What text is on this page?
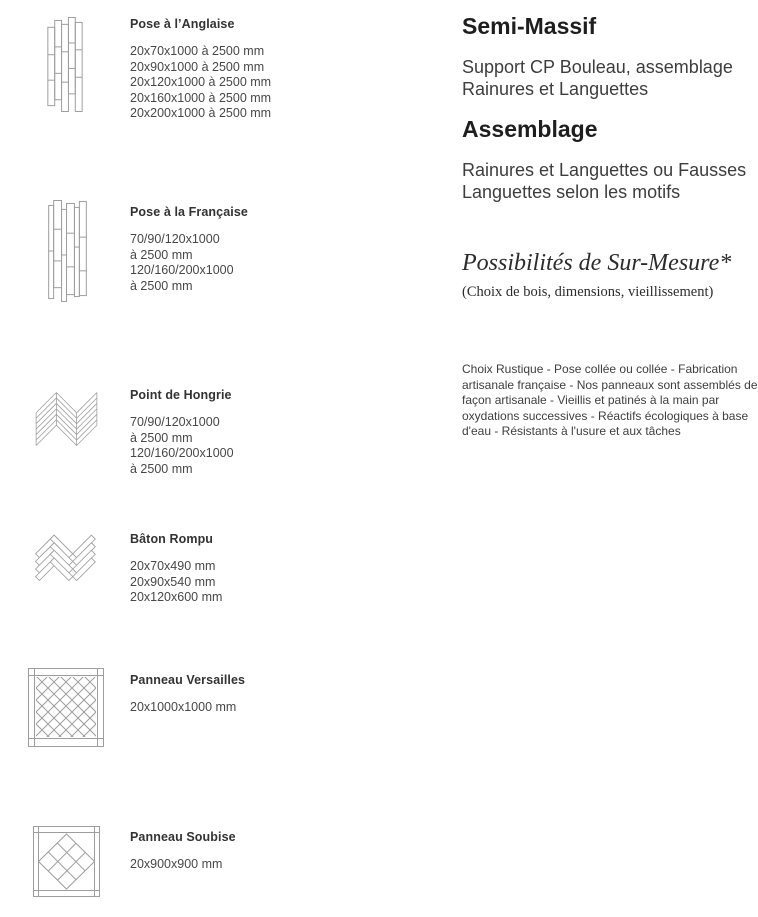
Pose à l’Anglaise
20x70x1000 à 2500 mm
20x90x1000 à 2500 mm
20x120x1000 à 2500 mm
20x160x1000 à 2500 mm
20x200x1000 à 2500 mm
Pose à la Française
70/90/120x1000
à 2500 mm
120/160/200x1000
à 2500 mm
Point de Hongrie
70/90/120x1000
à 2500 mm
120/160/200x1000
à 2500 mm
Bâton Rompu
20x70x490 mm
20x90x540 mm
20x120x600 mm
Panneau Versailles
20x1000x1000 mm
Panneau Soubise
20x900x900 mm
Semi-Massif
Support CP Bouleau, assemblage Rainures et Languettes
Assemblage
Rainures et Languettes ou Fausses Languettes selon les motifs
Possibilités de Sur-Mesure*
(Choix de bois, dimensions, vieillissement)
Choix Rustique - Pose collée ou collée - Fabrication artisanale française - Nos panneaux sont assemblés de façon artisanale - Vieillis et patinés à la main par oxydations successives - Réactifs écologiques à base d'eau - Résistants à l'usure et aux tâches
